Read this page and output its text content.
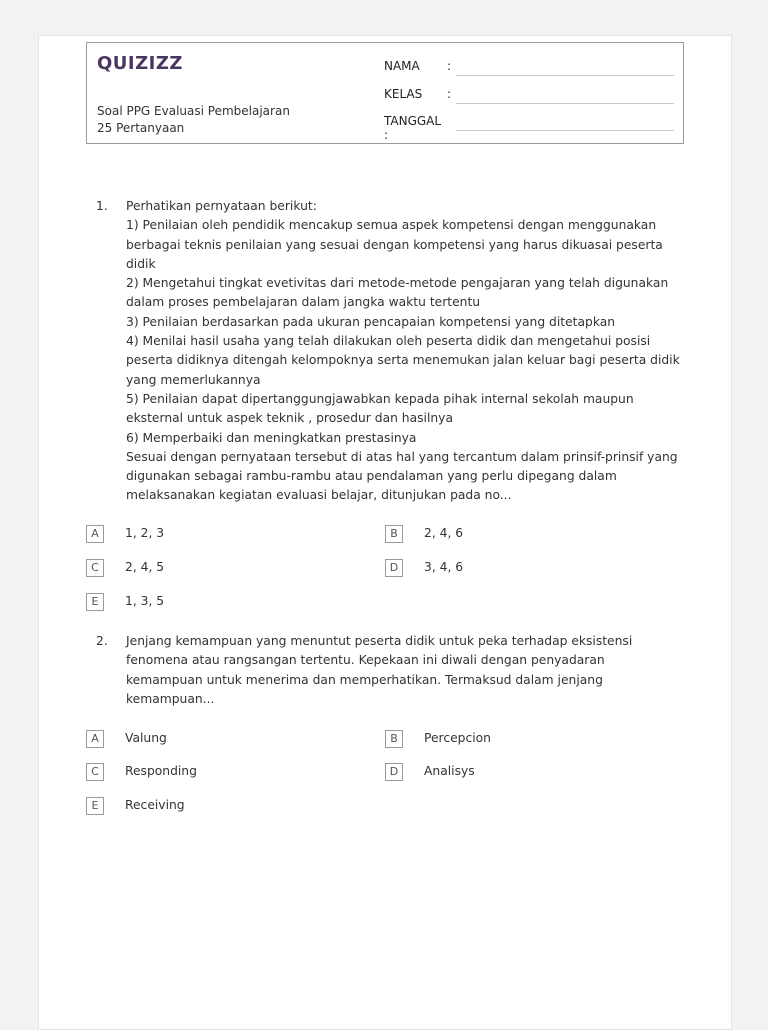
QUIZIZZ
Soal PPG Evaluasi Pembelajaran
25 Pertanyaan
NAMA :
KELAS :
TANGGAL :
1. Perhatikan pernyataan berikut:
1) Penilaian oleh pendidik mencakup semua aspek kompetensi dengan menggunakan
berbagai teknis penilaian yang sesuai dengan kompetensi yang harus dikuasai peserta
didik
2) Mengetahui tingkat evetivitas dari metode-metode pengajaran yang telah digunakan
dalam proses pembelajaran dalam jangka waktu tertentu
3) Penilaian berdasarkan pada ukuran pencapaian kompetensi yang ditetapkan
4) Menilai hasil usaha yang telah dilakukan oleh peserta didik dan mengetahui posisi
peserta didiknya ditengah kelompoknya serta menemukan jalan keluar bagi peserta didik
yang memerlukannya
5) Penilaian dapat dipertanggungjawabkan kepada pihak internal sekolah maupun
eksternal untuk aspek teknik , prosedur dan hasilnya
6) Memperbaiki dan meningkatkan prestasinya
Sesuai dengan pernyataan tersebut di atas hal yang tercantum dalam prinsif-prinsif yang
digunakan sebagai rambu-rambu atau pendalaman yang perlu dipegang dalam
melaksanakan kegiatan evaluasi belajar, ditunjukan pada no...
A	1, 2, 3	B	2, 4, 6
C	2, 4, 5	D	3, 4, 6
E	1, 3, 5
2. Jenjang kemampuan yang menuntut peserta didik untuk peka terhadap eksistensi
fenomena atau rangsangan tertentu. Kepekaan ini diwali dengan penyadaran
kemampuan untuk menerima dan memperhatikan. Termaksud dalam jenjang
kemampuan...
A	Valung	B	Percepcion
C	Responding	D	Analisys
E	Receiving
